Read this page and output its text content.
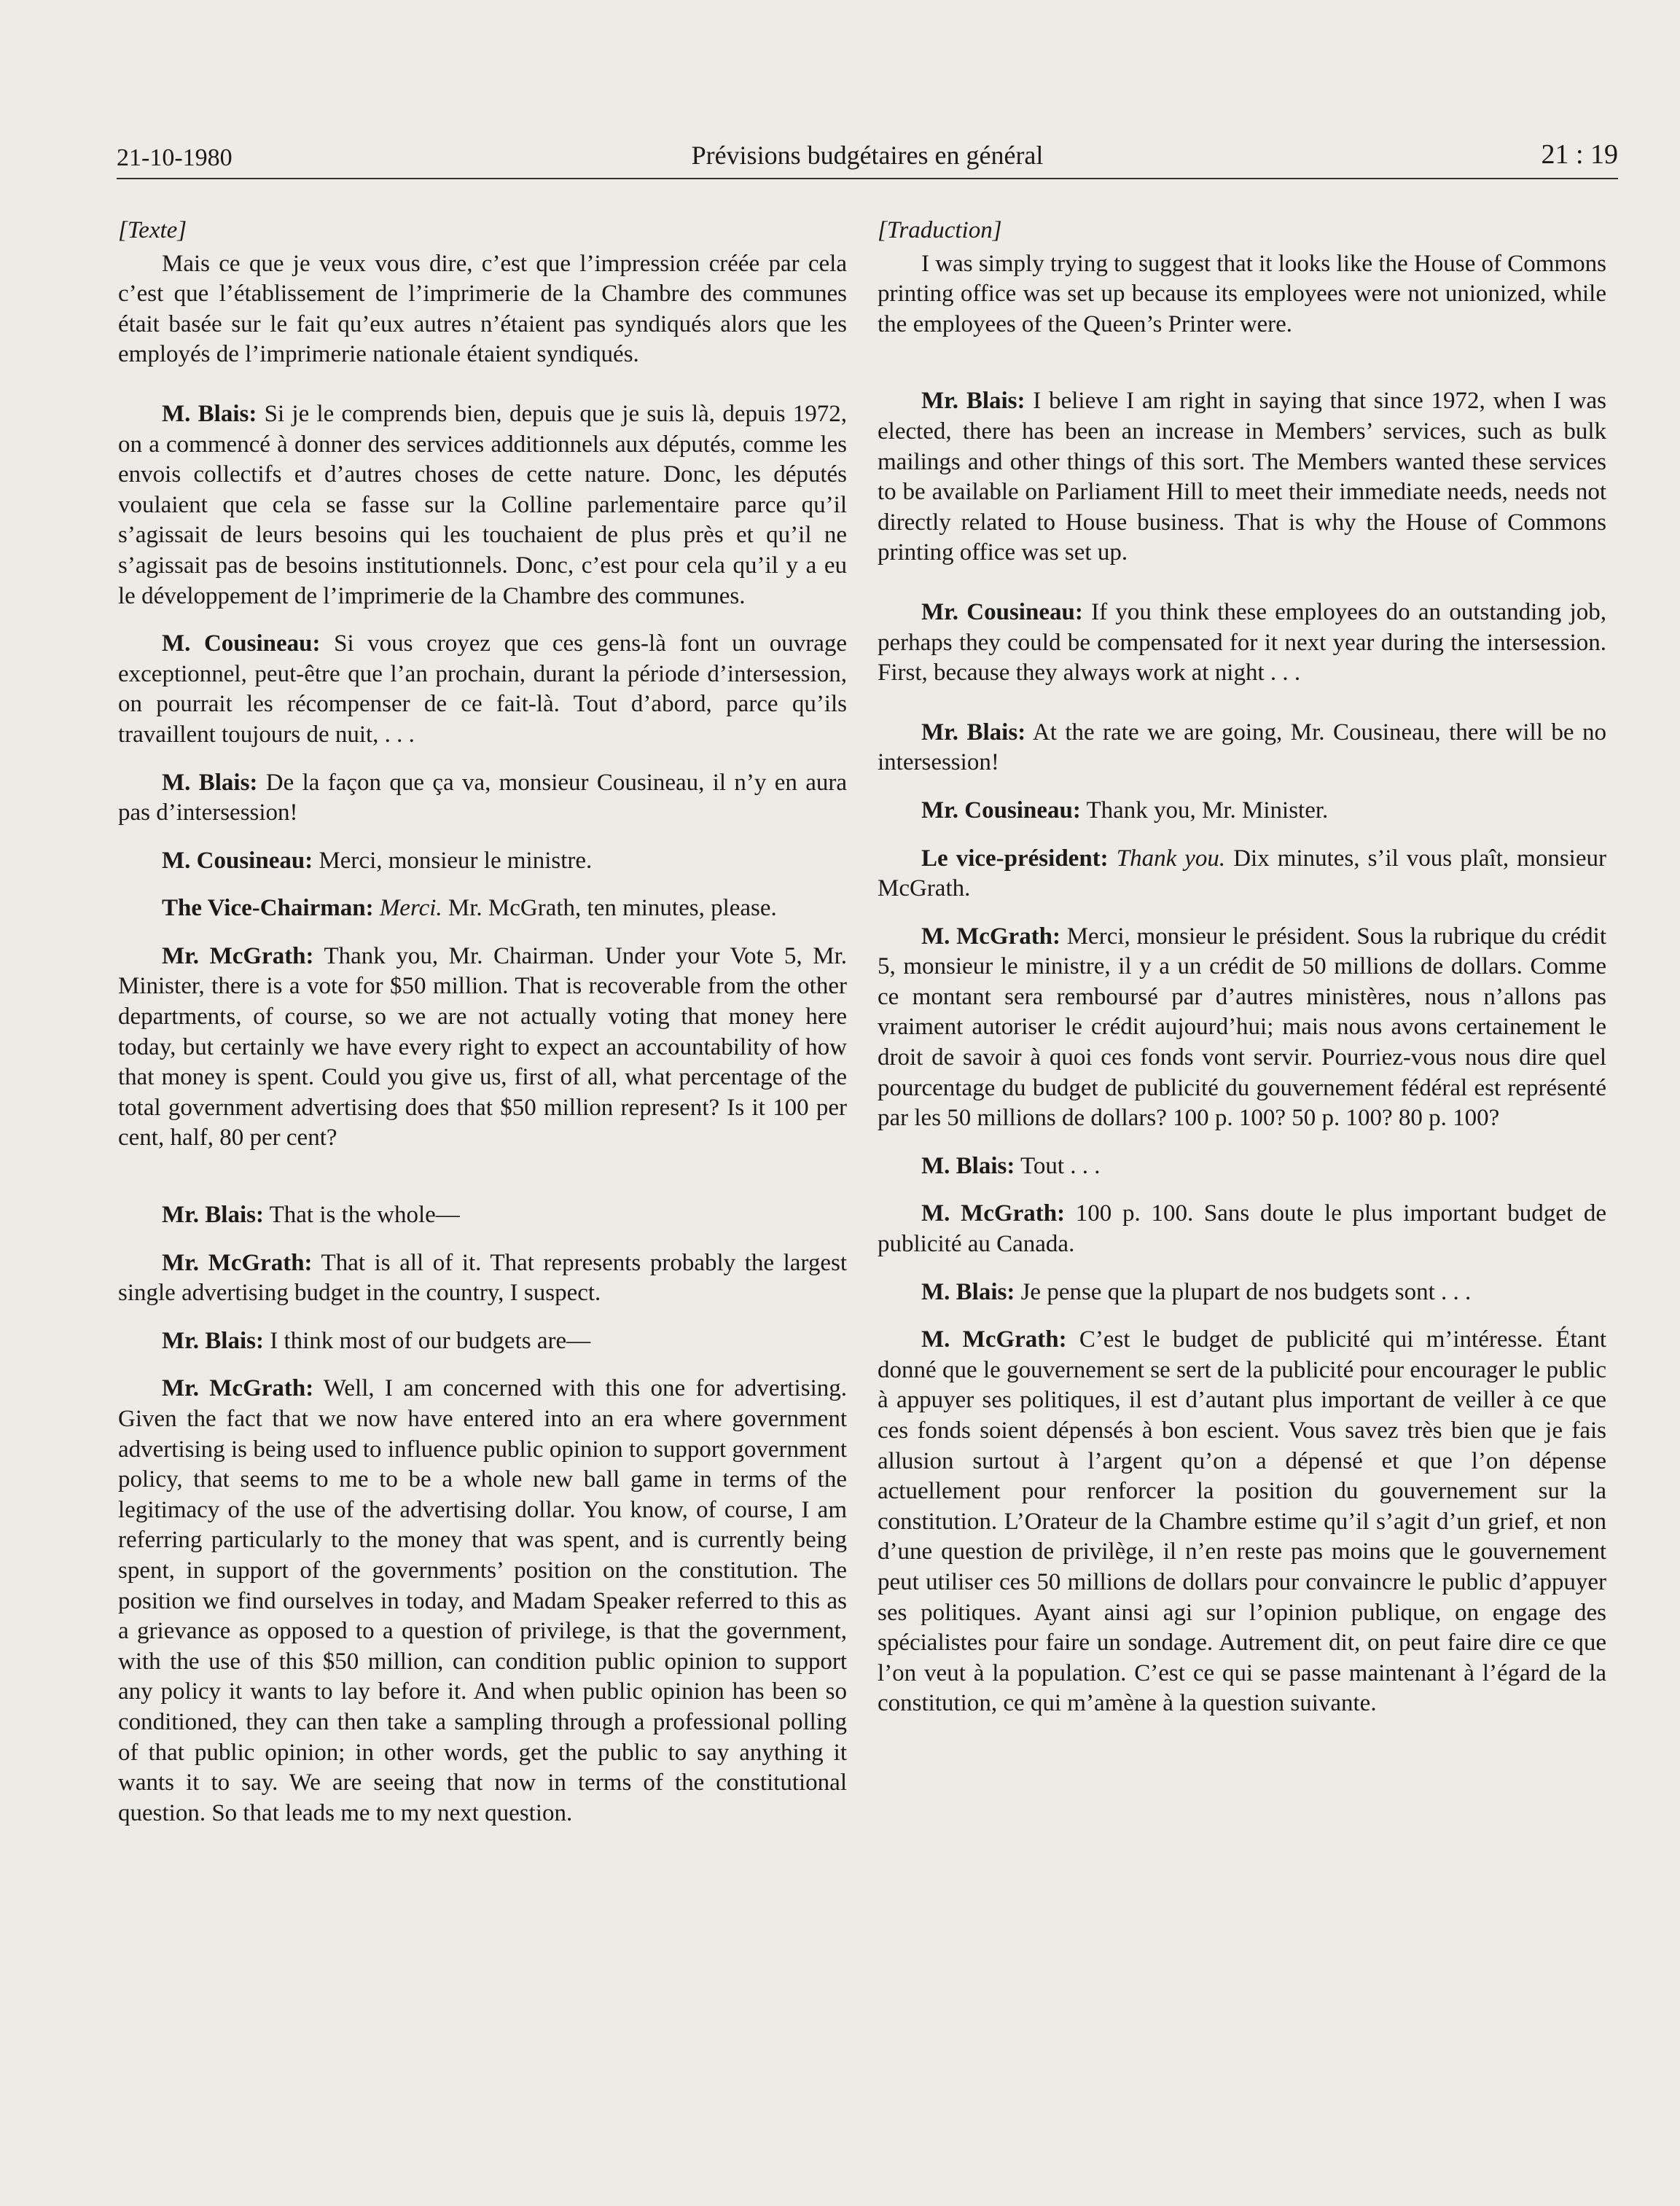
21-10-1980	Prévisions budgétaires en général	21 : 19

[Texte]

Mais ce que je veux vous dire, c’est que l’impression créée par cela c’est que l’établissement de l’imprimerie de la Chambre des communes était basée sur le fait qu’eux autres n’étaient pas syndiqués alors que les employés de l’imprimerie nationale étaient syndiqués.

M. Blais: Si je le comprends bien, depuis que je suis là, depuis 1972, on a commencé à donner des services additionnels aux députés, comme les envois collectifs et d’autres choses de cette nature. Donc, les députés voulaient que cela se fasse sur la Colline parlementaire parce qu’il s’agissait de leurs besoins qui les touchaient de plus près et qu’il ne s’agissait pas de besoins institutionnels. Donc, c’est pour cela qu’il y a eu le développement de l’imprimerie de la Chambre des communes.

M. Cousineau: Si vous croyez que ces gens-là font un ouvrage exceptionnel, peut-être que l’an prochain, durant la période d’intersession, on pourrait les récompenser de ce fait-là. Tout d’abord, parce qu’ils travaillent toujours de nuit, . . .

M. Blais: De la façon que ça va, monsieur Cousineau, il n’y en aura pas d’intersession!

M. Cousineau: Merci, monsieur le ministre.

The Vice-Chairman: Merci. Mr. McGrath, ten minutes, please.

Mr. McGrath: Thank you, Mr. Chairman. Under your Vote 5, Mr. Minister, there is a vote for $50 million. That is recoverable from the other departments, of course, so we are not actually voting that money here today, but certainly we have every right to expect an accountability of how that money is spent. Could you give us, first of all, what percentage of the total government advertising does that $50 million represent? Is it 100 per cent, half, 80 per cent?

Mr. Blais: That is the whole—

Mr. McGrath: That is all of it. That represents probably the largest single advertising budget in the country, I suspect.

Mr. Blais: I think most of our budgets are—

Mr. McGrath: Well, I am concerned with this one for advertising. Given the fact that we now have entered into an era where government advertising is being used to influence public opinion to support government policy, that seems to me to be a whole new ball game in terms of the legitimacy of the use of the advertising dollar. You know, of course, I am referring particularly to the money that was spent, and is currently being spent, in support of the governments’ position on the constitution. The position we find ourselves in today, and Madam Speaker referred to this as a grievance as opposed to a question of privilege, is that the government, with the use of this $50 million, can condition public opinion to support any policy it wants to lay before it. And when public opinion has been so conditioned, they can then take a sampling through a professional polling of that public opinion; in other words, get the public to say anything it wants it to say. We are seeing that now in terms of the constitutional question. So that leads me to my next question.

[Traduction]

I was simply trying to suggest that it looks like the House of Commons printing office was set up because its employees were not unionized, while the employees of the Queen’s Printer were.

Mr. Blais: I believe I am right in saying that since 1972, when I was elected, there has been an increase in Members’ services, such as bulk mailings and other things of this sort. The Members wanted these services to be available on Parliament Hill to meet their immediate needs, needs not directly related to House business. That is why the House of Commons printing office was set up.

Mr. Cousineau: If you think these employees do an outstanding job, perhaps they could be compensated for it next year during the intersession. First, because they always work at night . . .

Mr. Blais: At the rate we are going, Mr. Cousineau, there will be no intersession!

Mr. Cousineau: Thank you, Mr. Minister.

Le vice-président: Thank you. Dix minutes, s’il vous plaît, monsieur McGrath.

M. McGrath: Merci, monsieur le président. Sous la rubrique du crédit 5, monsieur le ministre, il y a un crédit de 50 millions de dollars. Comme ce montant sera remboursé par d’autres ministères, nous n’allons pas vraiment autoriser le crédit aujourd’hui; mais nous avons certainement le droit de savoir à quoi ces fonds vont servir. Pourriez-vous nous dire quel pourcentage du budget de publicité du gouvernement fédéral est représenté par les 50 millions de dollars? 100 p. 100? 50 p. 100? 80 p. 100?

M. Blais: Tout . . .

M. McGrath: 100 p. 100. Sans doute le plus important budget de publicité au Canada.

M. Blais: Je pense que la plupart de nos budgets sont . . .

M. McGrath: C’est le budget de publicité qui m’intéresse. Étant donné que le gouvernement se sert de la publicité pour encourager le public à appuyer ses politiques, il est d’autant plus important de veiller à ce que ces fonds soient dépensés à bon escient. Vous savez très bien que je fais allusion surtout à l’argent qu’on a dépensé et que l’on dépense actuellement pour renforcer la position du gouvernement sur la constitution. L’Orateur de la Chambre estime qu’il s’agit d’un grief, et non d’une question de privilège, il n’en reste pas moins que le gouvernement peut utiliser ces 50 millions de dollars pour convaincre le public d’appuyer ses politiques. Ayant ainsi agi sur l’opinion publique, on engage des spécialistes pour faire un sondage. Autrement dit, on peut faire dire ce que l’on veut à la population. C’est ce qui se passe maintenant à l’égard de la constitution, ce qui m’amène à la question suivante.
